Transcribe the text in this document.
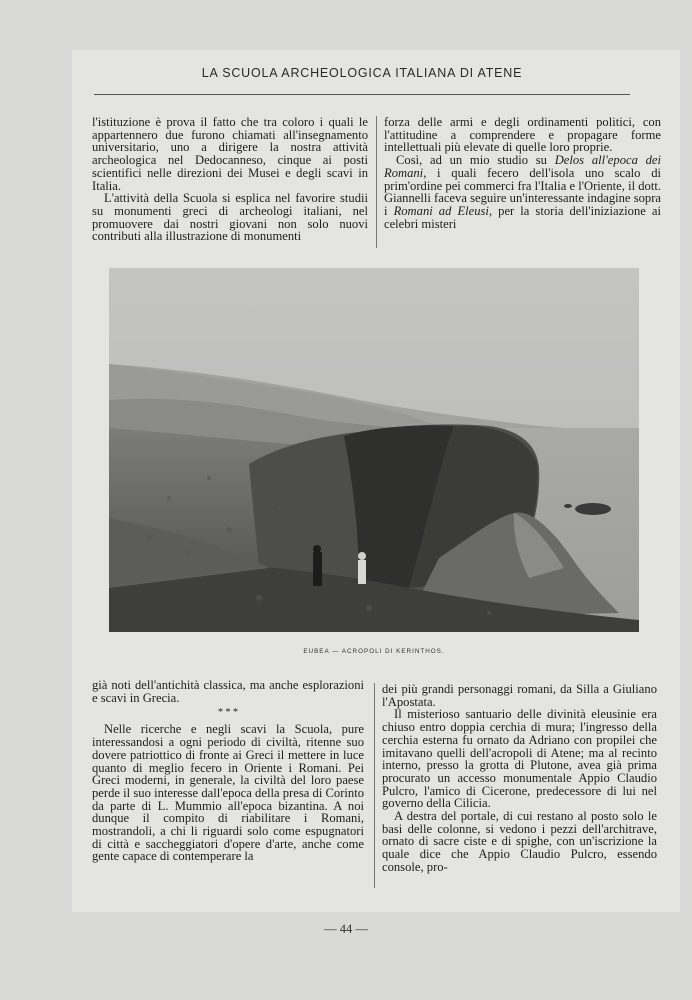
LA SCUOLA ARCHEOLOGICA ITALIANA DI ATENE

l'istituzione è prova il fatto che tra coloro i quali le appartennero due furono chiamati all'insegnamento universitario, uno a dirigere la nostra attività archeologica nel Dedocanneso, cinque ai posti scientifici nelle direzioni dei Musei e degli scavi in Italia.

L'attività della Scuola si esplica nel favorire studii su monumenti greci di archeologi italiani, nel promuovere dai nostri giovani non solo nuovi contributi alla illustrazione di monumenti

forza delle armi e degli ordinamenti politici, con l'attitudine a comprendere e propagare forme intellettuali più elevate di quelle loro proprie.

Così, ad un mio studio su Delos all'epoca dei Romani, i quali fecero dell'isola uno scalo di prim'ordine pei commerci fra l'Italia e l'Oriente, il dott. Giannelli faceva seguire un'interessante indagine sopra i Romani ad Eleusi, per la storia dell'iniziazione ai celebri misteri

EUBEA — ACROPOLI DI KERINTHOS.

già noti dell'antichità classica, ma anche esplorazioni e scavi in Grecia.

* * *

Nelle ricerche e negli scavi la Scuola, pure interessandosi a ogni periodo di civiltà, ritenne suo dovere patriottico di fronte ai Greci il mettere in luce quanto di meglio fecero in Oriente i Romani. Pei Greci moderni, in generale, la civiltà del loro paese perde il suo interesse dall'epoca della presa di Corinto da parte di L. Mummio all'epoca bizantina. A noi dunque il compito di riabilitare i Romani, mostrandoli, a chi li riguardi solo come espugnatori di città e saccheggiatori d'opere d'arte, anche come gente capace di contemperare la

dei più grandi personaggi romani, da Silla a Giuliano l'Apostata.

Il misterioso santuario delle divinità eleusinie era chiuso entro doppia cerchia di mura; l'ingresso della cerchia esterna fu ornato da Adriano con propilei che imitavano quelli dell'acropoli di Atene; ma al recinto interno, presso la grotta di Plutone, avea già prima procurato un accesso monumentale Appio Claudio Pulcro, l'amico di Cicerone, predecessore di lui nel governo della Cilicia.

A destra del portale, di cui restano al posto solo le basi delle colonne, si vedono i pezzi dell'architrave, ornato di sacre ciste e di spighe, con un'iscrizione la quale dice che Appio Claudio Pulcro, essendo console, pro-

— 44 —
